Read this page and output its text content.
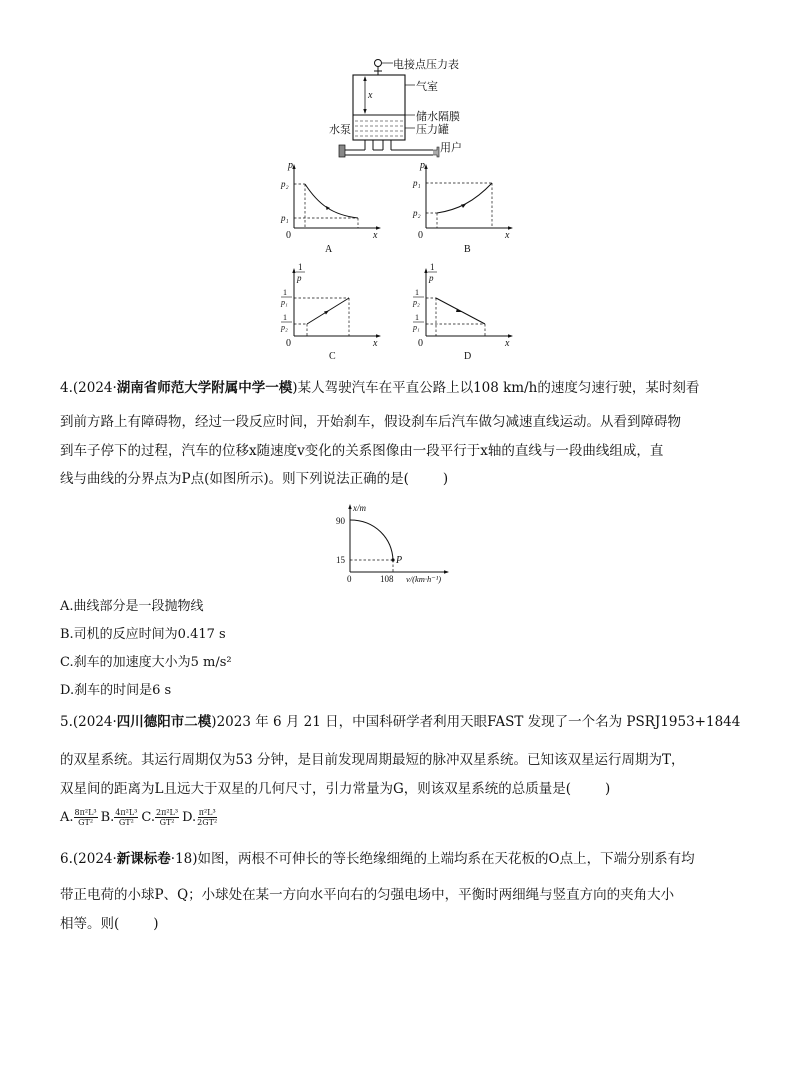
x
电接点压力表
气室
储水隔膜
压力罐
水泵
用户
p
x
0
p₂
p₁
A
p
x
0
p₁
p₂
B
1
p
x
0
1
p₁
1
p₂
C
1
p
x
0
1
p₂
1
p₁
D
4.(2024·湖南省师范大学附属中学一模)某人驾驶汽车在平直公路上以108 km/h的速度匀速行驶，某时刻看
到前方路上有障碍物，经过一段反应时间，开始刹车，假设刹车后汽车做匀减速直线运动。从看到障碍物
到车子停下的过程，汽车的位移x随速度v变化的关系图像由一段平行于x轴的直线与一段曲线组成，直
线与曲线的分界点为P点(如图所示)。则下列说法正确的是(	)
x/m
90
15
0	108
P
v/(km·h⁻¹)
A.曲线部分是一段抛物线
B.司机的反应时间为0.417 s
C.刹车的加速度大小为5 m/s²
D.刹车的时间是6 s
5.(2024·四川德阳市二模)2023 年 6 月 21 日，中国科研学者利用天眼FAST 发现了一个名为 PSRJ1953+1844
的双星系统。其运行周期仅为53 分钟，是目前发现周期最短的脉冲双星系统。已知该双星运行周期为T，
双星间的距离为L且远大于双星的几何尺寸，引力常量为G，则该双星系统的总质量是(	)
A. $\frac{\text{8π²L³}}{\text{GT²}} B$. $\frac{\text{4π²L³}}{\text{GT²}} C$. $\frac{\text{2π²L³}}{\text{GT²}} D$. $\frac{\text{π²L³}}{\text{2GT²}}$
6.(2024·新课标卷·18)如图，两根不可伸长的等长绝缘细绳的上端均系在天花板的O点上，下端分别系有均
带正电荷的小球P、Q；小球处在某一方向水平向右的匀强电场中，平衡时两细绳与竖直方向的夹角大小
相等。则(	)
